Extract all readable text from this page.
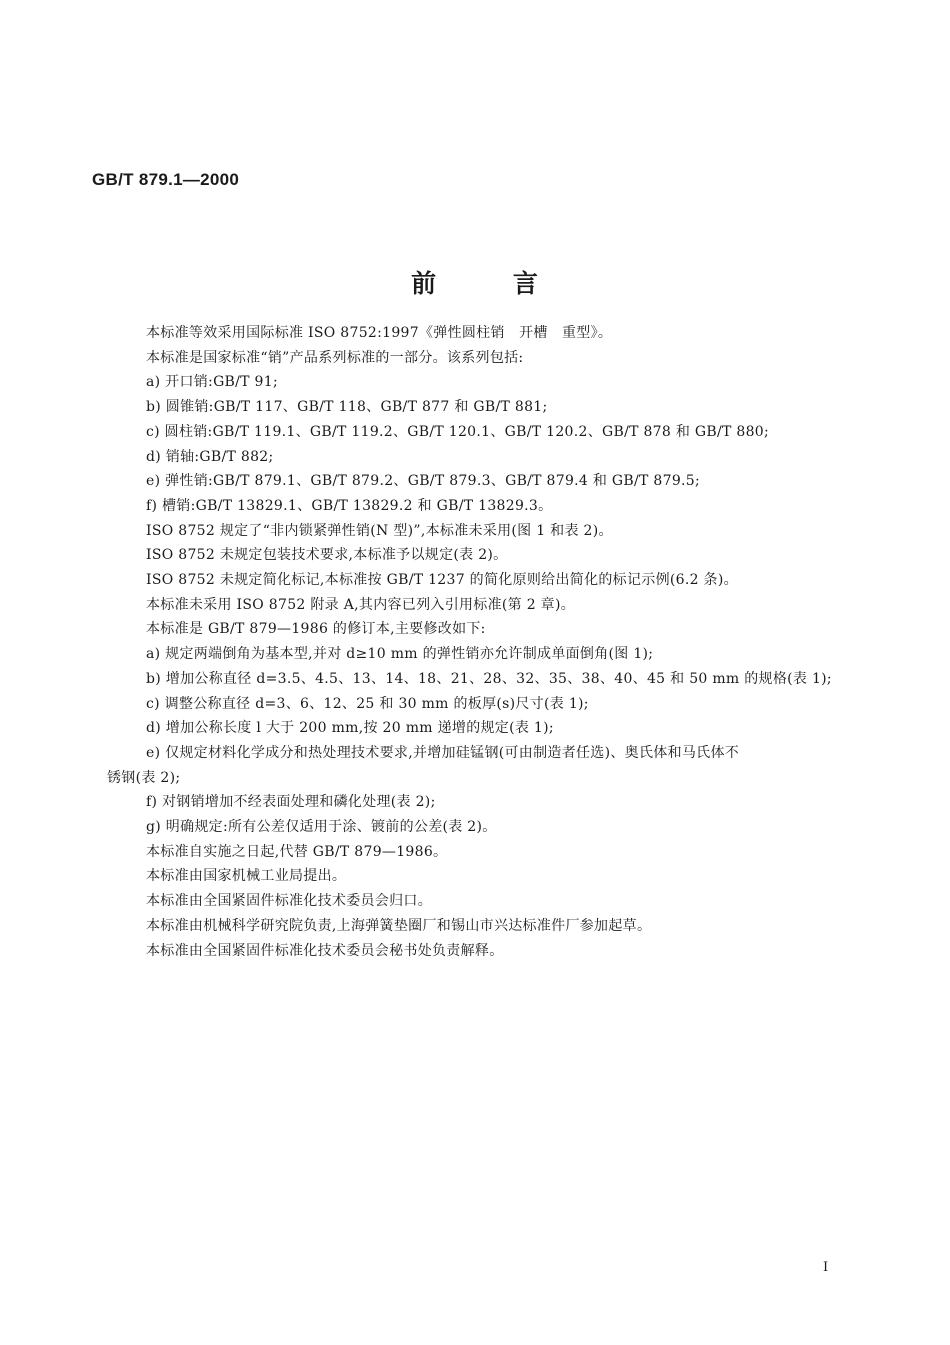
GB/T 879.1—2000
前 言

本标准等效采用国际标准 ISO 8752:1997《弹性圆柱销　开槽　重型》。

本标准是国家标准“销”产品系列标准的一部分。该系列包括:

a) 开口销:GB/T 91;

b) 圆锥销:GB/T 117、GB/T 118、GB/T 877 和 GB/T 881;

c) 圆柱销:GB/T 119.1、GB/T 119.2、GB/T 120.1、GB/T 120.2、GB/T 878 和 GB/T 880;

d) 销轴:GB/T 882;

e) 弹性销:GB/T 879.1、GB/T 879.2、GB/T 879.3、GB/T 879.4 和 GB/T 879.5;

f) 槽销:GB/T 13829.1、GB/T 13829.2 和 GB/T 13829.3。

ISO 8752 规定了“非内锁紧弹性销(N 型)”,本标准未采用(图 1 和表 2)。

ISO 8752 未规定包装技术要求,本标准予以规定(表 2)。

ISO 8752 未规定简化标记,本标准按 GB/T 1237 的简化原则给出简化的标记示例(6.2 条)。

本标准未采用 ISO 8752 附录 A,其内容已列入引用标准(第 2 章)。

本标准是 GB/T 879—1986 的修订本,主要修改如下:

a) 规定两端倒角为基本型,并对 d≥10 mm 的弹性销亦允许制成单面倒角(图 1);

b) 增加公称直径 d=3.5、4.5、13、14、18、21、28、32、35、38、40、45 和 50 mm 的规格(表 1);

c) 调整公称直径 d=3、6、12、25 和 30 mm 的板厚(s)尺寸(表 1);

d) 增加公称长度 l 大于 200 mm,按 20 mm 递增的规定(表 1);

e) 仅规定材料化学成分和热处理技术要求,并增加硅锰钢(可由制造者任选)、奥氏体和马氏体不

锈钢(表 2);

f) 对钢销增加不经表面处理和磷化处理(表 2);

g) 明确规定:所有公差仅适用于涂、镀前的公差(表 2)。

本标准自实施之日起,代替 GB/T 879—1986。

本标准由国家机械工业局提出。

本标准由全国紧固件标准化技术委员会归口。

本标准由机械科学研究院负责,上海弹簧垫圈厂和锡山市兴达标准件厂参加起草。

本标准由全国紧固件标准化技术委员会秘书处负责解释。

I
